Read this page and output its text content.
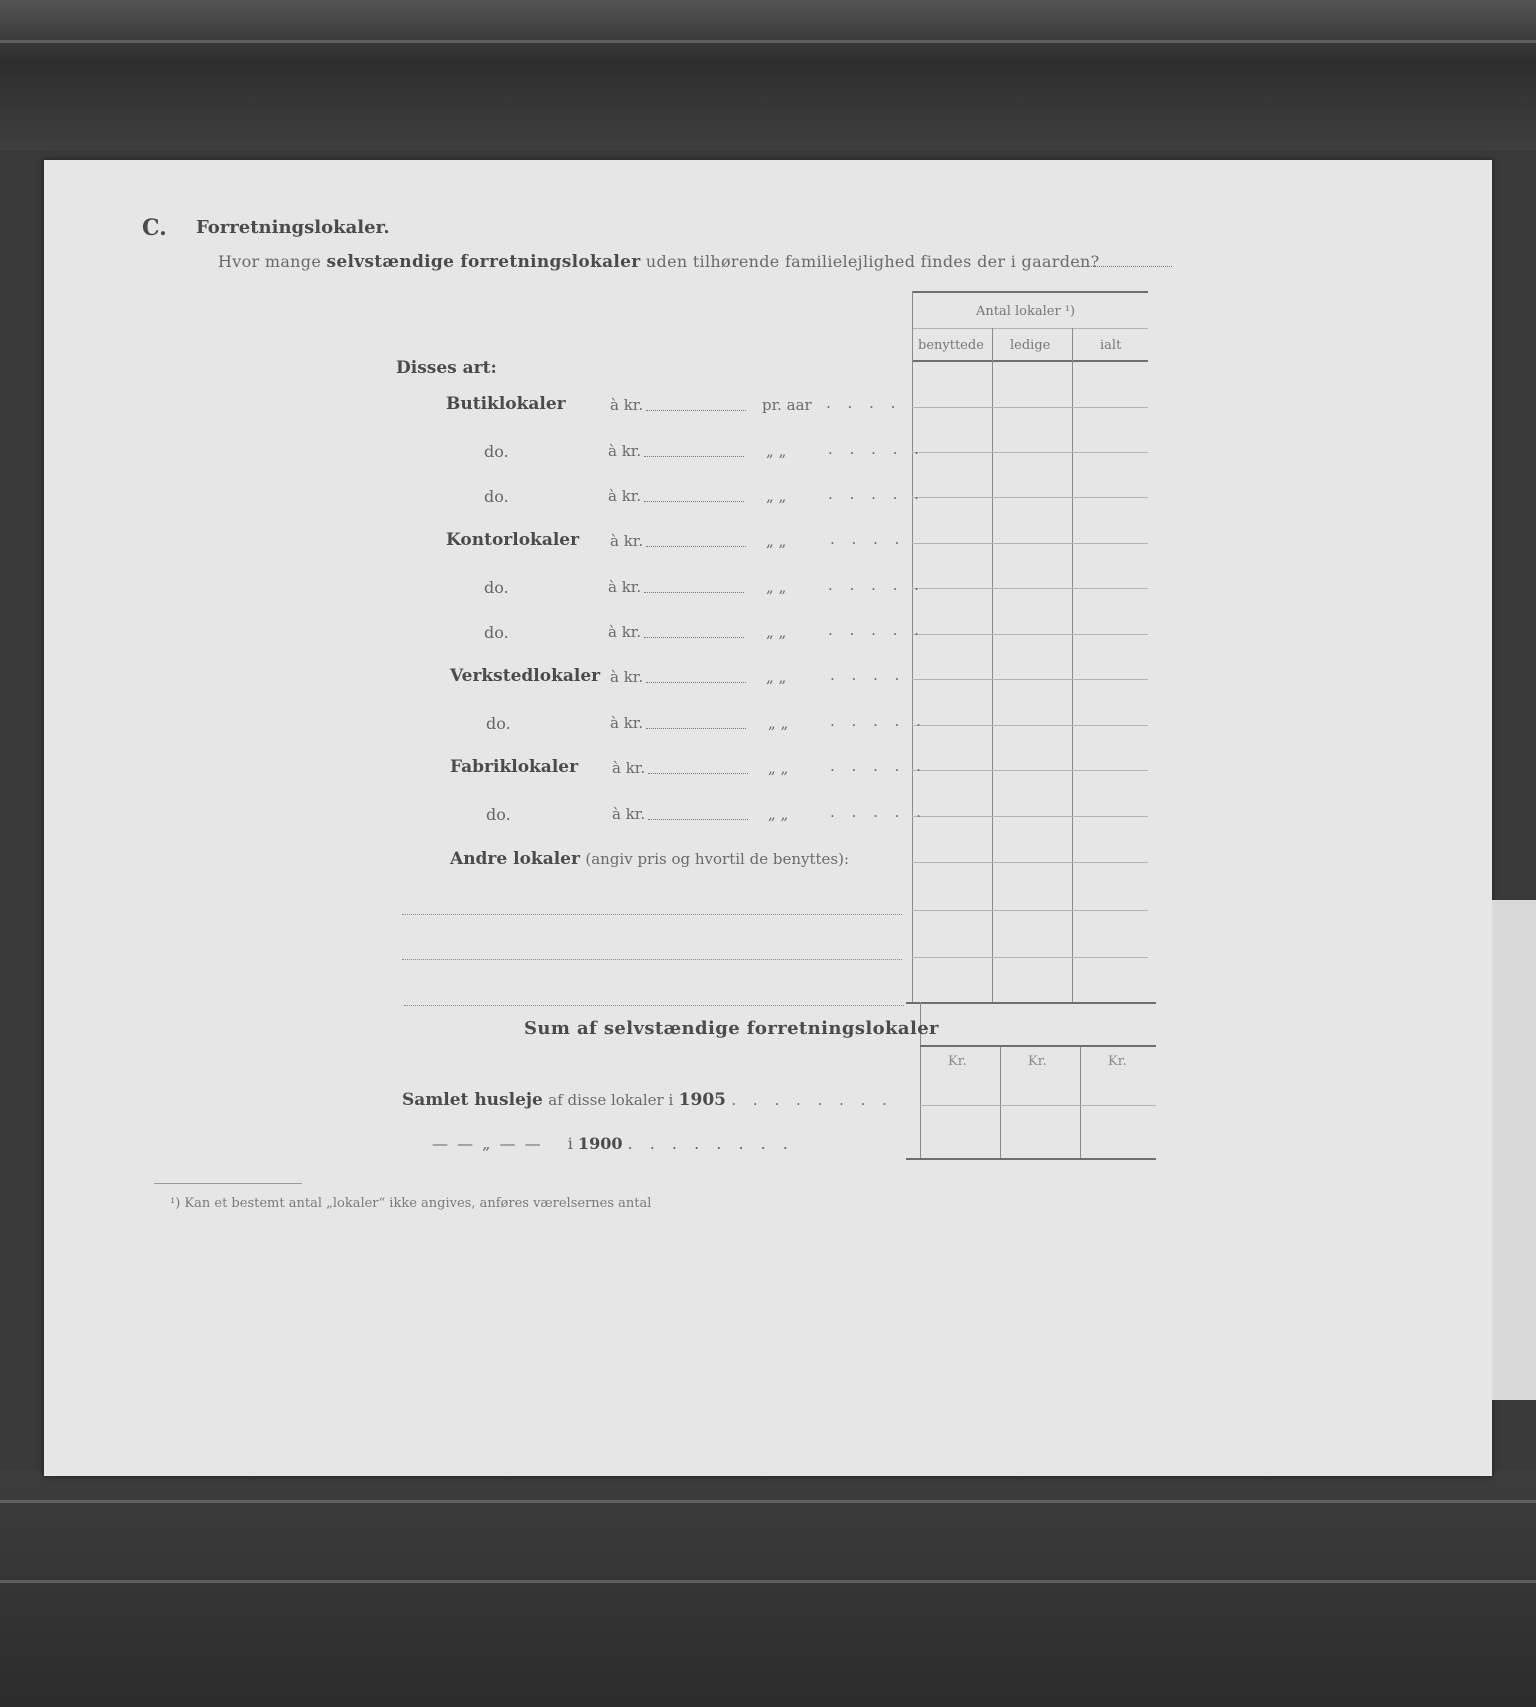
C. Forretningslokaler.
Hvor mange selvstændige forretningslokaler uden tilhørende familielejlighed findes der i gaarden?
Disses art:
Antal lokaler ¹)
benyttede ledige	ialt
Kr.	Kr.	Kr.
Butiklokaler	à kr.	pr. aar . . . .
do.	à kr.	„ „	. . . . .
do.	à kr.	„ „	. . . . .
Kontorlokaler à kr.	„ „	. . . .
do.	à kr.	„ „	. . . . .
do.	à kr.	„ „	. . . . .
Verkstedlokaler à kr.	„ „	. . . .
do.	à kr.	„ „	. . . . .
Fabriklokaler à kr.	„ „	. . . . .
do.	à kr.	„ „	. . . . .
Andre lokaler (angiv pris og hvortil de benyttes):
Sum af selvstændige forretningslokaler
Samlet husleje af disse lokaler i 1905 . . . . . . . .
— — „ — — i 1900 . . . . . . . .
¹) Kan et bestemt antal „lokaler“ ikke angives, anføres værelsernes antal
